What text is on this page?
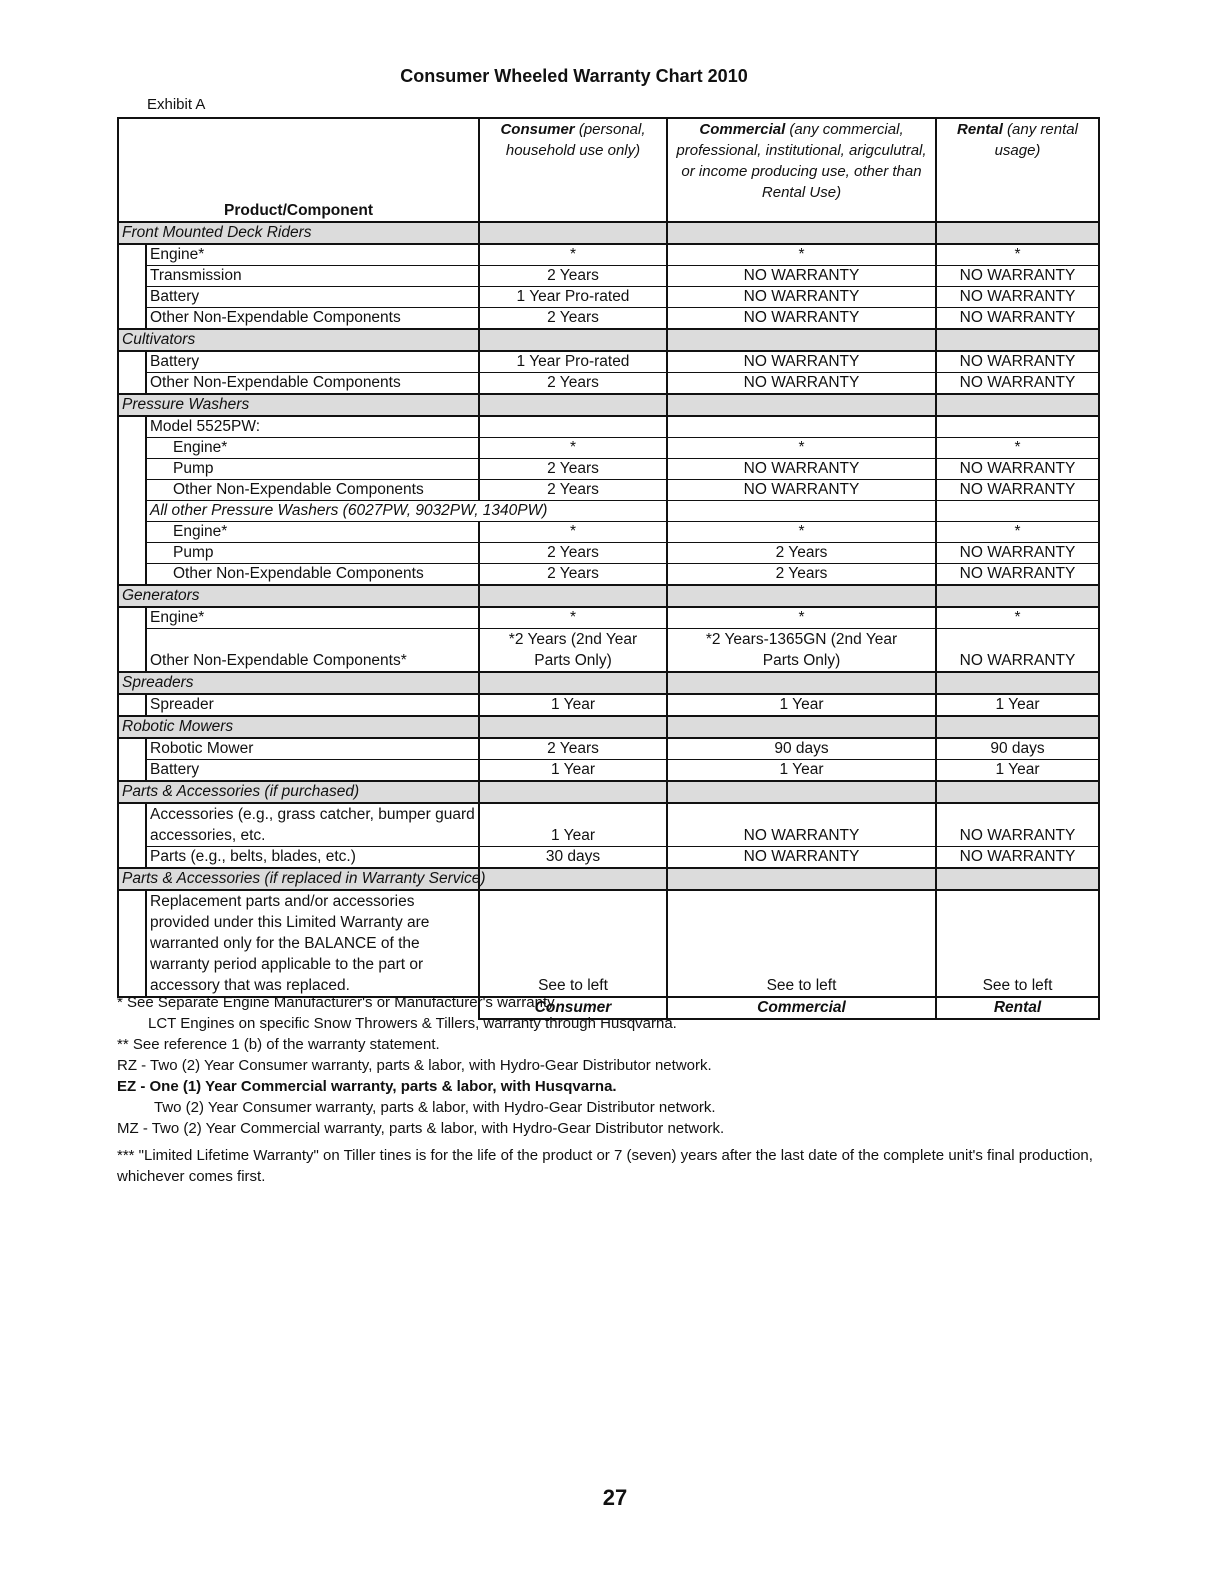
Consumer Wheeled Warranty Chart 2010
Exhibit A
Product/Component		Consumer (personal, household use only)	Commercial (any commercial, professional, institutional, arigculutral, or income producing use, other than Rental Use)	Rental (any rental usage)
Front Mounted Deck Riders				
	Engine*	*	*	*
	Transmission	2 Years	NO WARRANTY	NO WARRANTY
	Battery	1 Year Pro-rated	NO WARRANTY	NO WARRANTY
	Other Non-Expendable Components	2 Years	NO WARRANTY	NO WARRANTY
Cultivators				
	Battery	1 Year Pro-rated	NO WARRANTY	NO WARRANTY
	Other Non-Expendable Components	2 Years	NO WARRANTY	NO WARRANTY
Pressure Washers				
	Model 5525PW:			
	Engine*	*	*	*
	Pump	2 Years	NO WARRANTY	NO WARRANTY
	Other Non-Expendable Components	2 Years	NO WARRANTY	NO WARRANTY
	All other Pressure Washers (6027PW, 9032PW, 1340PW)			
	Engine*	*	*	*
	Pump	2 Years	2 Years	NO WARRANTY
	Other Non-Expendable Components	2 Years	2 Years	NO WARRANTY
Generators				
	Engine*	*	*	*
	Other Non-Expendable Components*	*2 Years (2nd Year Parts Only)	*2 Years-1365GN (2nd Year Parts Only)	NO WARRANTY
Spreaders				
	Spreader	1 Year	1 Year	1 Year
Robotic Mowers				
	Robotic Mower	2 Years	90 days	90 days
	Battery	1 Year	1 Year	1 Year
Parts & Accessories (if purchased)				
	Accessories (e.g., grass catcher, bumper guard accessories, etc.	1 Year	NO WARRANTY	NO WARRANTY
	Parts (e.g., belts, blades, etc.)	30 days	NO WARRANTY	NO WARRANTY
Parts & Accessories (if replaced in Warranty Service)				
	Replacement parts and/or accessories provided under this Limited Warranty are warranted only for the BALANCE of the warranty period applicable to the part or accessory that was replaced.	See to left	See to left	See to left
		Consumer	Commercial	Rental
* See Separate Engine Manufacturer's or Manufacturer's warranty
LCT Engines on specific Snow Throwers & Tillers, warranty through Husqvarna.
** See reference 1 (b) of the warranty statement.
RZ - Two (2) Year Consumer warranty, parts & labor, with Hydro-Gear Distributor network.
EZ - One (1) Year Commercial warranty, parts & labor, with Husqvarna.
Two (2) Year Consumer warranty, parts & labor, with Hydro-Gear Distributor network.
MZ - Two (2) Year Commercial warranty, parts & labor, with Hydro-Gear Distributor network.
*** "Limited Lifetime Warranty" on Tiller tines is for the life of the product or 7 (seven) years after the last date of the complete unit's final production, whichever comes first.
27
